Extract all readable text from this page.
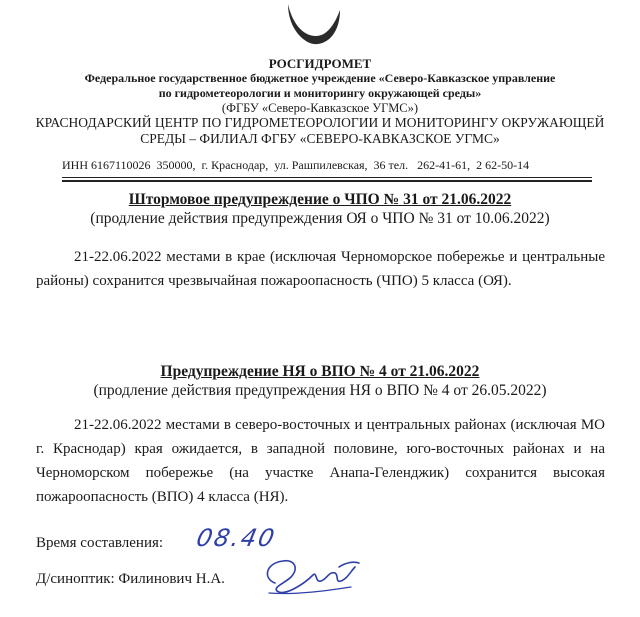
РОСГИДРОМЕТ
Федеральное государственное бюджетное учреждение «Северо-Кавказское управление
по гидрометеорологии и мониторингу окружающей среды»
(ФГБУ «Северо-Кавказское УГМС»)
КРАСНОДАРСКИЙ ЦЕНТР ПО ГИДРОМЕТЕОРОЛОГИИ И МОНИТОРИНГУ ОКРУЖАЮЩЕЙ
СРЕДЫ – ФИЛИАЛ ФГБУ «СЕВЕРО-КАВКАЗСКОЕ УГМС»
ИНН 6167110026  350000,  г. Краснодар,  ул. Рашпилевская,  36 тел.   262-41-61,  2 62-50-14
Штормовое предупреждение о ЧПО № 31 от 21.06.2022
(продление действия предупреждения ОЯ о ЧПО № 31 от 10.06.2022)
21-22.06.2022 местами в крае (исключая Черноморское побережье и центральные районы) сохранится чрезвычайная пожароопасность (ЧПО) 5 класса (ОЯ).
Предупреждение НЯ о ВПО № 4 от 21.06.2022
(продление действия предупреждения НЯ о ВПО № 4 от 26.05.2022)
21-22.06.2022 местами в северо-восточных и центральных районах (исключая МО г. Краснодар) края ожидается, в западной половине, юго-восточных районах и на Черноморском побережье (на участке Анапа-Геленджик) сохранится высокая пожароопасность (ВПО) 4 класса (НЯ).
Время составления: 08.40
Д/синоптик: Филинович Н.А.
